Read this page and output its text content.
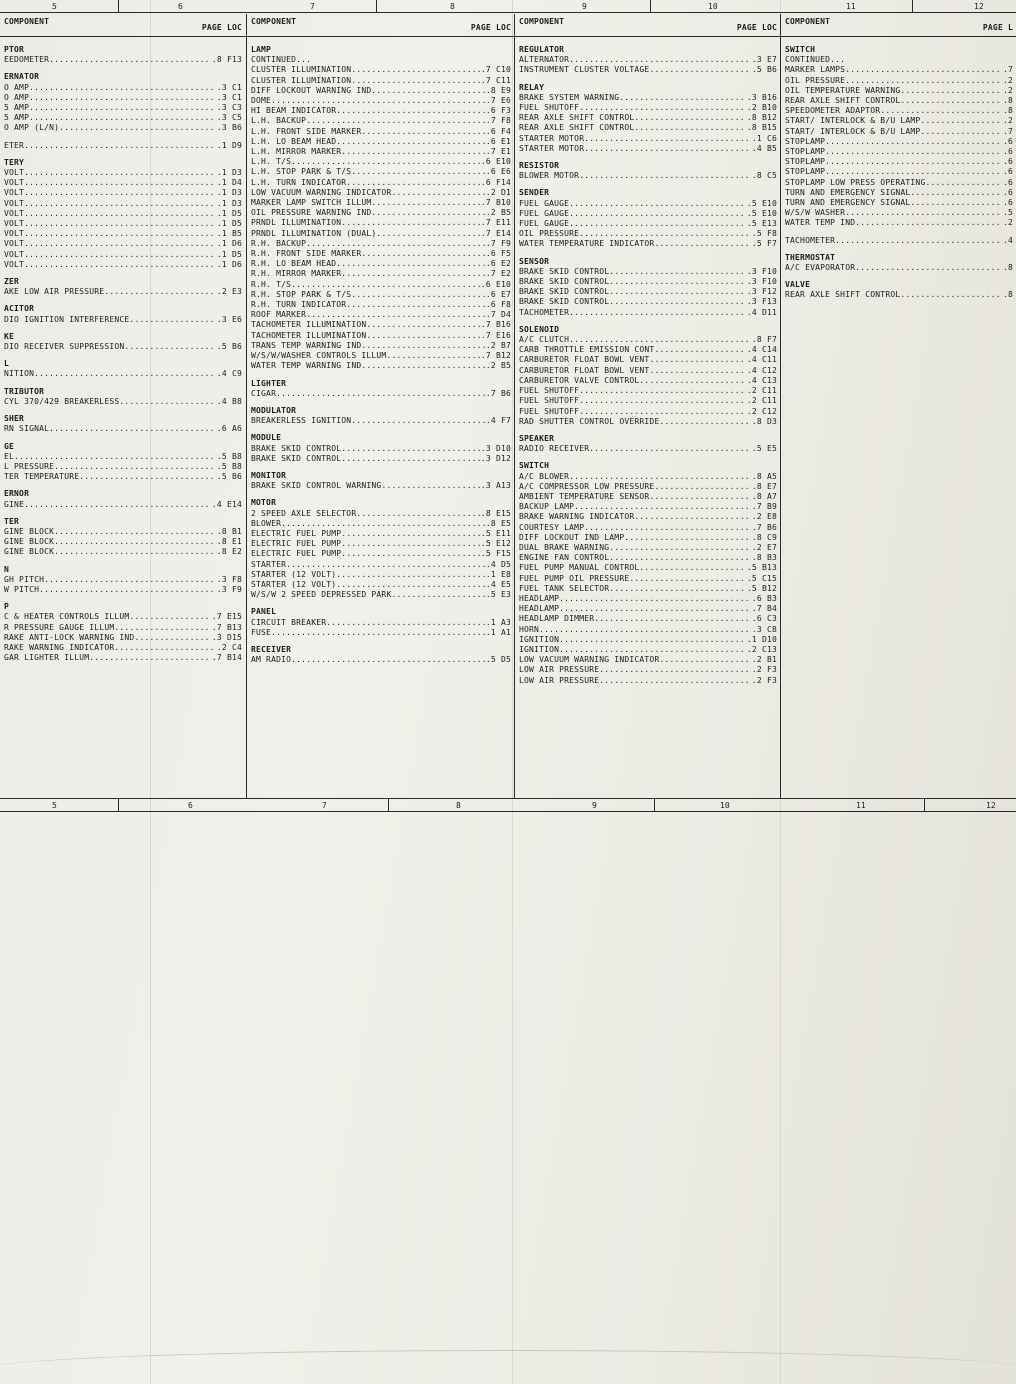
5	6	7	8	9	10	11	12
COMPONENT
PAGE LOC
PTOR
EEDOMETER .....	.8 F13
ERNATOR
O AMP .....	.3 C1
O AMP .....	.3 C1
5 AMP .....	.3 C3
5 AMP .....	.3 C5
O AMP (L/N) .....	.3 B6
ETER .....	.1 D9
TERY
VOLT .....	.1 D3
VOLT .....	.1 D4
VOLT .....	.1 D3
VOLT .....	.1 D3
VOLT .....	.1 D5
VOLT .....	.1 D5
VOLT .....	.1 B5
VOLT .....	.1 D6
VOLT .....	.1 D5
VOLT .....	.1 D6
ZER
AKE LOW AIR PRESSURE .....	.2 E3
ACITOR
DIO IGNITION INTERFERENCE .....	.3 E6
KE
DIO RECEIVER SUPPRESSION .....	.5 B6
L
NITION .....	.4 C9
TRIBUTOR
CYL 370/429 BREAKERLESS .....	.4 B8
SHER
RN SIGNAL .....	.6 A6
GE
EL .....	.5 B8
L PRESSURE .....	.5 B8
TER TEMPERATURE .....	.5 B6
ERNOR
GINE .....	.4 E14
TER
GINE BLOCK .....	.8 B1
GINE BLOCK .....	.8 E1
GINE BLOCK .....	.8 E2
N
GH PITCH .....	.3 F8
W PITCH .....	.3 F9
P
C & HEATER CONTROLS ILLUM .....	.7 E15
R PRESSURE GAUGE ILLUM .....	.7 B13
RAKE ANTI-LOCK WARNING IND .....	.3 D15
RAKE WARNING INDICATOR .....	.2 C4
GAR LIGHTER ILLUM .....	.7 B14
COMPONENT
PAGE LOC
LAMP
CONTINUED...
CLUSTER ILLUMINATION .....	.7 C10
CLUSTER ILLUMINATION .....	.7 C11
DIFF LOCKOUT WARNING IND .....	.8 E9
DOME .....	.7 E6
HI BEAM INDICATOR .....	.6 F3
L.H. BACKUP .....	.7 F8
L.H. FRONT SIDE MARKER .....	.6 F4
L.H. LO BEAM HEAD .....	.6 E1
L.H. MIRROR MARKER .....	.7 E1
L.H. T/S .....	.6 E10
L.H. STOP PARK & T/S .....	.6 E6
L.H. TURN INDICATOR .....	.6 F14
LOW VACUUM WARNING INDICATOR .....	.2 D1
MARKER LAMP SWITCH ILLUM .....	.7 B10
OIL PRESSURE WARNING IND .....	.2 B5
PRNDL ILLUMINATION .....	.7 E11
PRNDL ILLUMINATION (DUAL) .....	.7 E14
R.H. BACKUP .....	.7 F9
R.H. FRONT SIDE MARKER .....	.6 F5
R.H. LO BEAM HEAD .....	.6 E2
R.H. MIRROR MARKER .....	.7 E2
R.H. T/S .....	.6 E10
R.H. STOP PARK & T/S .....	.6 E7
R.H. TURN INDICATOR .....	.6 F8
ROOF MARKER .....	.7 D4
TACHOMETER ILLUMINATION .....	.7 B16
TACHOMETER ILLUMINATION .....	.7 E16
TRANS TEMP WARNING IND .....	.2 B7
W/S/W/WASHER CONTROLS ILLUM .....	.7 B12
WATER TEMP WARNING IND .....	.2 B5
LIGHTER
CIGAR .....	.7 B6
MODULATOR
BREAKERLESS IGNITION .....	.4 F7
MODULE
BRAKE SKID CONTROL .....	.3 D10
BRAKE SKID CONTROL .....	.3 D12
MONITOR
BRAKE SKID CONTROL WARNING .....	.3 A13
MOTOR
2 SPEED AXLE SELECTOR .....	.8 E15
BLOWER .....	.8 E5
ELECTRIC FUEL PUMP .....	.5 E11
ELECTRIC FUEL PUMP .....	.5 E12
ELECTRIC FUEL PUMP .....	.5 F15
STARTER .....	.4 D5
STARTER (12 VOLT) .....	.1 E8
STARTER (12 VOLT) .....	.4 E5
W/S/W 2 SPEED DEPRESSED PARK .....	.5 E3
PANEL
CIRCUIT BREAKER .....	.1 A3
FUSE .....	.1 A1
RECEIVER
AM RADIO .....	.5 D5
COMPONENT
PAGE LOC
REGULATOR
ALTERNATOR .....	.3 E7
INSTRUMENT CLUSTER VOLTAGE .....	.5 B6
RELAY
BRAKE SYSTEM WARNING .....	.3 B16
FUEL SHUTOFF .....	.2 B10
REAR AXLE SHIFT CONTROL .....	.8 B12
REAR AXLE SHIFT CONTROL .....	.8 B15
STARTER MOTOR .....	.1 C6
STARTER MOTOR .....	.4 B5
RESISTOR
BLOWER MOTOR .....	.8 C5
SENDER
FUEL GAUGE .....	.5 E10
FUEL GAUGE .....	.5 E10
FUEL GAUGE .....	.5 E13
OIL PRESSURE .....	.5 F8
WATER TEMPERATURE INDICATOR .....	.5 F7
SENSOR
BRAKE SKID CONTROL .....	.3 F10
BRAKE SKID CONTROL .....	.3 F10
BRAKE SKID CONTROL .....	.3 F12
BRAKE SKID CONTROL .....	.3 F13
TACHOMETER .....	.4 D11
SOLENOID
A/C CLUTCH .....	.8 F7
CARB THROTTLE EMISSION CONT .....	.4 C14
CARBURETOR FLOAT BOWL VENT .....	.4 C11
CARBURETOR FLOAT BOWL VENT .....	.4 C12
CARBURETOR VALVE CONTROL .....	.4 C13
FUEL SHUTOFF .....	.2 C11
FUEL SHUTOFF .....	.2 C11
FUEL SHUTOFF .....	.2 C12
RAD SHUTTER CONTROL OVERRIDE .....	.8 D3
SPEAKER
RADIO RECEIVER .....	.5 E5
SWITCH
A/C BLOWER .....	.8 A5
A/C COMPRESSOR LOW PRESSURE .....	.8 E7
AMBIENT TEMPERATURE SENSOR .....	.8 A7
BACKUP LAMP .....	.7 B9
BRAKE WARNING INDICATOR .....	.2 E8
COURTESY LAMP .....	.7 B6
DIFF LOCKOUT IND LAMP .....	.8 C9
DUAL BRAKE WARNING .....	.2 E7
ENGINE FAN CONTROL .....	.8 B3
FUEL PUMP MANUAL CONTROL .....	.5 B13
FUEL PUMP OIL PRESSURE .....	.5 C15
FUEL TANK SELECTOR .....	.5 B12
HEADLAMP .....	.6 B3
HEADLAMP .....	.7 B4
HEADLAMP DIMMER .....	.6 C3
HORN .....	.3 C8
IGNITION .....	.1 D10
IGNITION .....	.2 C13
LOW VACUUM WARNING INDICATOR .....	.2 B1
LOW AIR PRESSURE .....	.2 F3
LOW AIR PRESSURE .....	.2 F3
COMPONENT
PAGE L
SWITCH
CONTINUED...
MARKER LAMPS .....	.7
OIL PRESSURE .....	.2
OIL TEMPERATURE WARNING .....	.2
REAR AXLE SHIFT CONTROL .....	.8
SPEEDOMETER ADAPTOR .....	.8
START/ INTERLOCK & B/U LAMP .....	.2
START/ INTERLOCK & B/U LAMP .....	.7
STOPLAMP .....	.6
STOPLAMP .....	.6
STOPLAMP .....	.6
STOPLAMP .....	.6
STOPLAMP LOW PRESS OPERATING .....	.6
TURN AND EMERGENCY SIGNAL .....	.6
TURN AND EMERGENCY SIGNAL .....	.6
W/S/W WASHER .....	.5
WATER TEMP IND .....	.2
TACHOMETER .....	.4
THERMOSTAT
A/C EVAPORATOR .....	.8
VALVE
REAR AXLE SHIFT CONTROL .....	.8
5	6	7	8	9	10	11	12
